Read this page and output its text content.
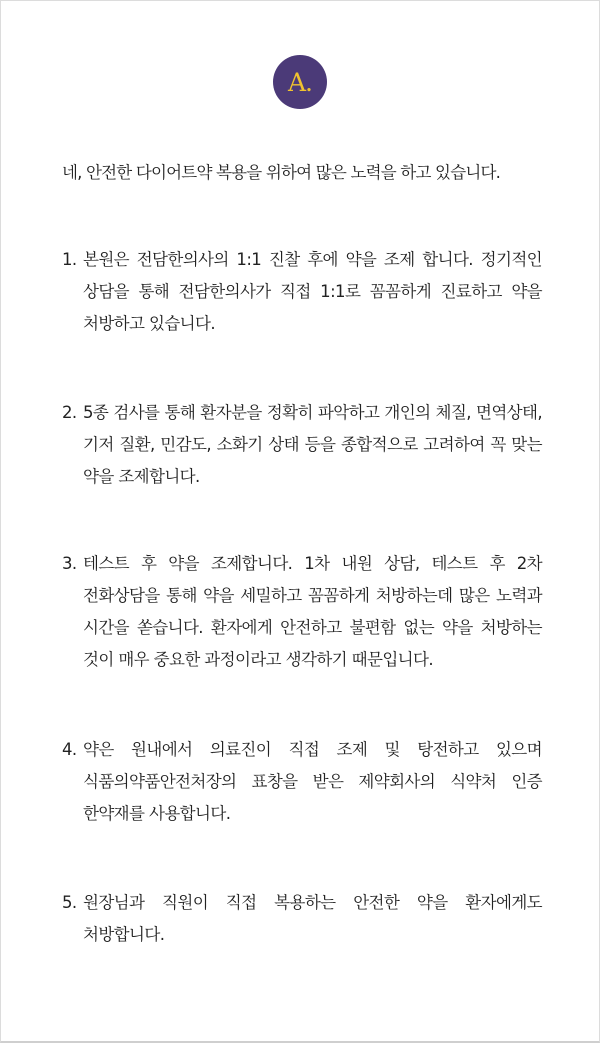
A.
네, 안전한 다이어트약 복용을 위하여 많은 노력을 하고 있습니다.
1. 본원은 전담한의사의 1:1 진찰 후에 약을 조제 합니다. 정기적인 상담을 통해 전담한의사가 직접 1:1로 꼼꼼하게 진료하고 약을 처방하고 있습니다.
2. 5종 검사를 통해 환자분을 정확히 파악하고 개인의 체질, 면역상태, 기저 질환, 민감도, 소화기 상태 등을 종합적으로 고려하여 꼭 맞는 약을 조제합니다.
3. 테스트 후 약을 조제합니다. 1차 내원 상담, 테스트 후 2차 전화상담을 통해 약을 세밀하고 꼼꼼하게 처방하는데 많은 노력과 시간을 쏟습니다. 환자에게 안전하고 불편함 없는 약을 처방하는 것이 매우 중요한 과정이라고 생각하기 때문입니다.
4. 약은 원내에서 의료진이 직접 조제 및 탕전하고 있으며 식품의약품안전처장의 표창을 받은 제약회사의 식약처 인증 한약재를 사용합니다.
5. 원장님과 직원이 직접 복용하는 안전한 약을 환자에게도 처방합니다.
